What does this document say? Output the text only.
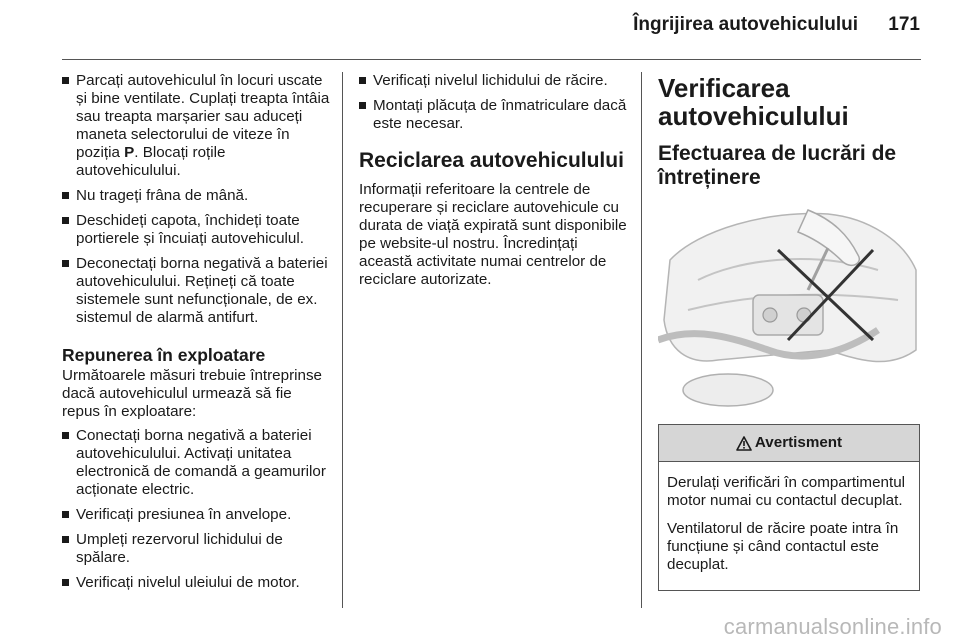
Îngrijirea autovehiculului 171
Parcați autovehiculul în locuri uscate și bine ventilate. Cuplați treapta întâia sau treapta marșarier sau aduceți maneta selectorului de viteze în poziția P. Blocați roțile autovehiculului.
Nu trageți frâna de mână.
Deschideți capota, închideți toate portierele și încuiați autovehiculul.
Deconectați borna negativă a bateriei autovehiculului. Rețineți că toate sistemele sunt nefuncționale, de ex. sistemul de alarmă antifurt.
Repunerea în exploatare

Următoarele măsuri trebuie întreprinse dacă autovehiculul urmează să fie repus în exploatare:

Conectați borna negativă a bateriei autovehiculului. Activați unitatea electronică de comandă a geamurilor acționate electric.
Verificați presiunea în anvelope.
Umpleți rezervorul lichidului de spălare.
Verificați nivelul uleiului de motor.
Verificați nivelul lichidului de răcire.
Montați plăcuța de înmatriculare dacă este necesar.
Reciclarea autovehiculului

Informații referitoare la centrele de recuperare și reciclare autovehicule cu durata de viață expirată sunt disponibile pe website-ul nostru. Încredințați această activitate numai centrelor de reciclare autorizate.

Verificarea autovehiculului
Efectuarea de lucrări de întreținere
Avertisment

Derulați verificări în compartimentul motor numai cu contactul decuplat.

Ventilatorul de răcire poate intra în funcțiune și când contactul este decuplat.

carmanualsonline.info
